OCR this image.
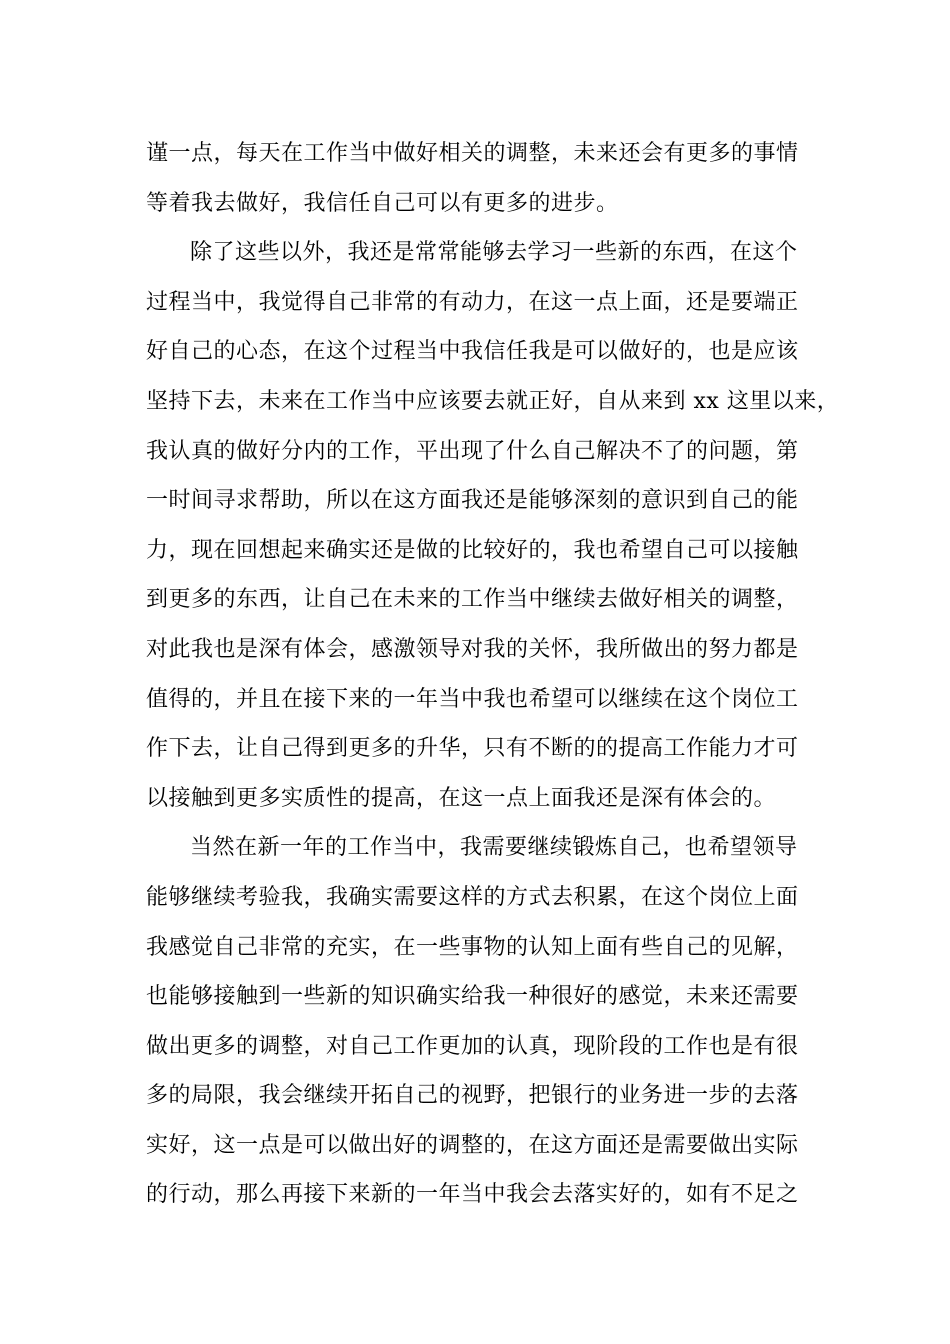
谨一点，每天在工作当中做好相关的调整，未来还会有更多的事情
等着我去做好，我信任自己可以有更多的进步。
除了这些以外，我还是常常能够去学习一些新的东西，在这个
过程当中，我觉得自己非常的有动力，在这一点上面，还是要端正
好自己的心态，在这个过程当中我信任我是可以做好的，也是应该
坚持下去，未来在工作当中应该要去就正好，自从来到 xx 这里以来，
我认真的做好分内的工作，平出现了什么自己解决不了的问题，第
一时间寻求帮助，所以在这方面我还是能够深刻的意识到自己的能
力，现在回想起来确实还是做的比较好的，我也希望自己可以接触
到更多的东西，让自己在未来的工作当中继续去做好相关的调整，
对此我也是深有体会，感激领导对我的关怀，我所做出的努力都是
值得的，并且在接下来的一年当中我也希望可以继续在这个岗位工
作下去，让自己得到更多的升华，只有不断的的提高工作能力才可
以接触到更多实质性的提高，在这一点上面我还是深有体会的。
当然在新一年的工作当中，我需要继续锻炼自己，也希望领导
能够继续考验我，我确实需要这样的方式去积累，在这个岗位上面
我感觉自己非常的充实，在一些事物的认知上面有些自己的见解，
也能够接触到一些新的知识确实给我一种很好的感觉，未来还需要
做出更多的调整，对自己工作更加的认真，现阶段的工作也是有很
多的局限，我会继续开拓自己的视野，把银行的业务进一步的去落
实好，这一点是可以做出好的调整的，在这方面还是需要做出实际
的行动，那么再接下来新的一年当中我会去落实好的，如有不足之
